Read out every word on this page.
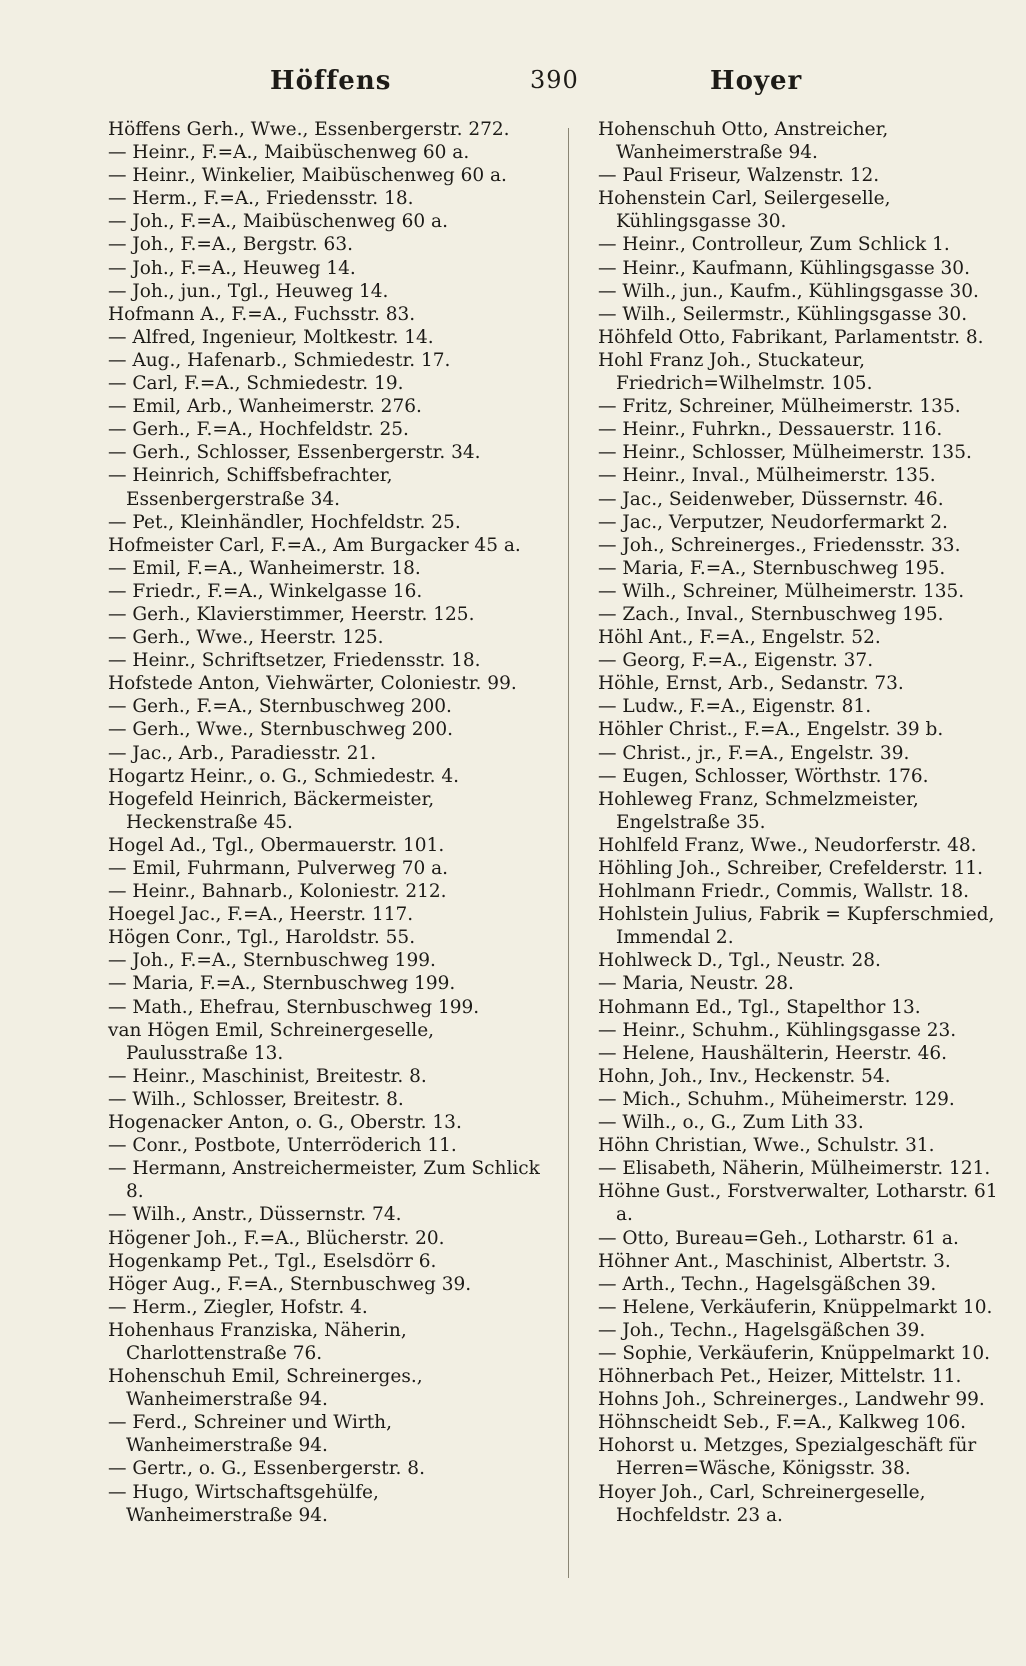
Höffens	390	Hoyer
Höffens Gerh., Wwe., Essenbergerstr. 272.
— Heinr., F.=A., Maibüschenweg 60 a.
— Heinr., Winkelier, Maibüschenweg 60 a.
— Herm., F.=A., Friedensstr. 18.
— Joh., F.=A., Maibüschenweg 60 a.
— Joh., F.=A., Bergstr. 63.
— Joh., F.=A., Heuweg 14.
— Joh., jun., Tgl., Heuweg 14.
Hofmann A., F.=A., Fuchsstr. 83.
— Alfred, Ingenieur, Moltkestr. 14.
— Aug., Hafenarb., Schmiedestr. 17.
— Carl, F.=A., Schmiedestr. 19.
— Emil, Arb., Wanheimerstr. 276.
— Gerh., F.=A., Hochfeldstr. 25.
— Gerh., Schlosser, Essenbergerstr. 34.
— Heinrich, Schiffsbefrachter, Essenbergerstraße 34.
— Pet., Kleinhändler, Hochfeldstr. 25.
Hofmeister Carl, F.=A., Am Burgacker 45 a.
— Emil, F.=A., Wanheimerstr. 18.
— Friedr., F.=A., Winkelgasse 16.
— Gerh., Klavierstimmer, Heerstr. 125.
— Gerh., Wwe., Heerstr. 125.
— Heinr., Schriftsetzer, Friedensstr. 18.
Hofstede Anton, Viehwärter, Coloniestr. 99.
— Gerh., F.=A., Sternbuschweg 200.
— Gerh., Wwe., Sternbuschweg 200.
— Jac., Arb., Paradiesstr. 21.
Hogartz Heinr., o. G., Schmiedestr. 4.
Hogefeld Heinrich, Bäckermeister, Heckenstraße 45.
Hogel Ad., Tgl., Obermauerstr. 101.
— Emil, Fuhrmann, Pulverweg 70 a.
— Heinr., Bahnarb., Koloniestr. 212.
Hoegel Jac., F.=A., Heerstr. 117.
Högen Conr., Tgl., Haroldstr. 55.
— Joh., F.=A., Sternbuschweg 199.
— Maria, F.=A., Sternbuschweg 199.
— Math., Ehefrau, Sternbuschweg 199.
van Högen Emil, Schreinergeselle, Paulusstraße 13.
— Heinr., Maschinist, Breitestr. 8.
— Wilh., Schlosser, Breitestr. 8.
Hogenacker Anton, o. G., Oberstr. 13.
— Conr., Postbote, Unterröderich 11.
— Hermann, Anstreichermeister, Zum Schlick 8.
— Wilh., Anstr., Düssernstr. 74.
Högener Joh., F.=A., Blücherstr. 20.
Hogenkamp Pet., Tgl., Eselsdörr 6.
Höger Aug., F.=A., Sternbuschweg 39.
— Herm., Ziegler, Hofstr. 4.
Hohenhaus Franziska, Näherin, Charlottenstraße 76.
Hohenschuh Emil, Schreinerges., Wanheimerstraße 94.
— Ferd., Schreiner und Wirth, Wanheimerstraße 94.
— Gertr., o. G., Essenbergerstr. 8.
— Hugo, Wirtschaftsgehülfe, Wanheimerstraße 94.
Hohenschuh Otto, Anstreicher, Wanheimerstraße 94.
— Paul Friseur, Walzenstr. 12.
Hohenstein Carl, Seilergeselle, Kühlingsgasse 30.
— Heinr., Controlleur, Zum Schlick 1.
— Heinr., Kaufmann, Kühlingsgasse 30.
— Wilh., jun., Kaufm., Kühlingsgasse 30.
— Wilh., Seilermstr., Kühlingsgasse 30.
Höhfeld Otto, Fabrikant, Parlamentstr. 8.
Hohl Franz Joh., Stuckateur, Friedrich=Wilhelmstr. 105.
— Fritz, Schreiner, Mülheimerstr. 135.
— Heinr., Fuhrkn., Dessauerstr. 116.
— Heinr., Schlosser, Mülheimerstr. 135.
— Heinr., Inval., Mülheimerstr. 135.
— Jac., Seidenweber, Düssernstr. 46.
— Jac., Verputzer, Neudorfermarkt 2.
— Joh., Schreinerges., Friedensstr. 33.
— Maria, F.=A., Sternbuschweg 195.
— Wilh., Schreiner, Mülheimerstr. 135.
— Zach., Inval., Sternbuschweg 195.
Höhl Ant., F.=A., Engelstr. 52.
— Georg, F.=A., Eigenstr. 37.
Höhle, Ernst, Arb., Sedanstr. 73.
— Ludw., F.=A., Eigenstr. 81.
Höhler Christ., F.=A., Engelstr. 39 b.
— Christ., jr., F.=A., Engelstr. 39.
— Eugen, Schlosser, Wörthstr. 176.
Hohleweg Franz, Schmelzmeister, Engelstraße 35.
Hohlfeld Franz, Wwe., Neudorferstr. 48.
Höhling Joh., Schreiber, Crefelderstr. 11.
Hohlmann Friedr., Commis, Wallstr. 18.
Hohlstein Julius, Fabrik = Kupferschmied, Immendal 2.
Hohlweck D., Tgl., Neustr. 28.
— Maria, Neustr. 28.
Hohmann Ed., Tgl., Stapelthor 13.
— Heinr., Schuhm., Kühlingsgasse 23.
— Helene, Haushälterin, Heerstr. 46.
Hohn, Joh., Inv., Heckenstr. 54.
— Mich., Schuhm., Müheimerstr. 129.
— Wilh., o., G., Zum Lith 33.
Höhn Christian, Wwe., Schulstr. 31.
— Elisabeth, Näherin, Mülheimerstr. 121.
Höhne Gust., Forstverwalter, Lotharstr. 61 a.
— Otto, Bureau=Geh., Lotharstr. 61 a.
Höhner Ant., Maschinist, Albertstr. 3.
— Arth., Techn., Hagelsgäßchen 39.
— Helene, Verkäuferin, Knüppelmarkt 10.
— Joh., Techn., Hagelsgäßchen 39.
— Sophie, Verkäuferin, Knüppelmarkt 10.
Höhnerbach Pet., Heizer, Mittelstr. 11.
Hohns Joh., Schreinerges., Landwehr 99.
Höhnscheidt Seb., F.=A., Kalkweg 106.
Hohorst u. Metzges, Spezialgeschäft für Herren=Wäsche, Königsstr. 38.
Hoyer Joh., Carl, Schreinergeselle, Hochfeldstr. 23 a.
